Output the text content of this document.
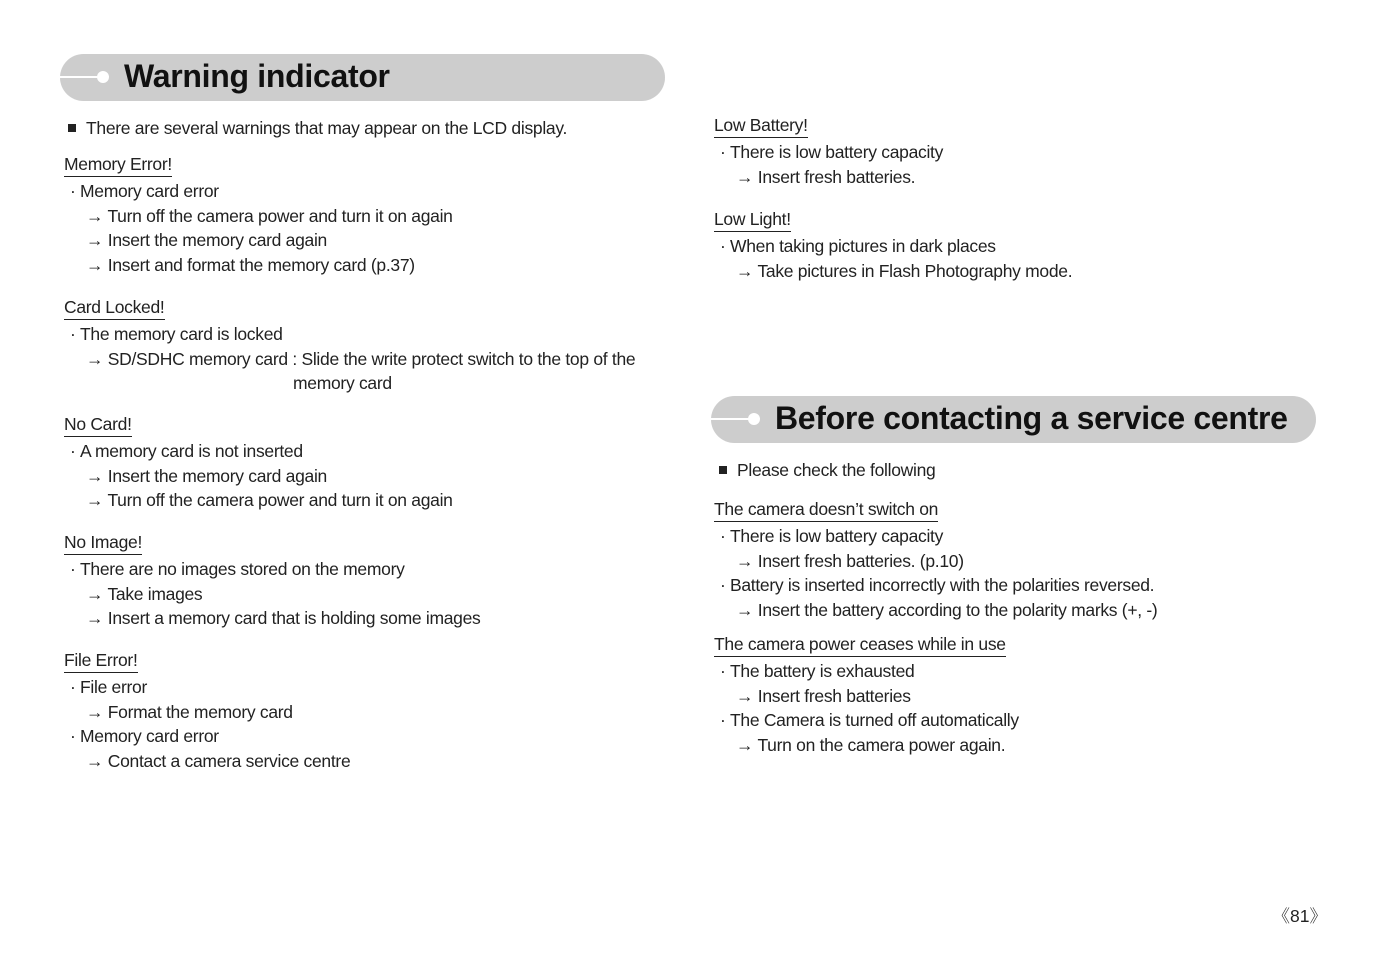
Warning indicator
There are several warnings that may appear on the LCD display.
Memory Error!
· Memory card error
→ Turn off the camera power and turn it on again
→ Insert the memory card again
→ Insert and format the memory card (p.37)
Card Locked!
· The memory card is locked
→ SD/SDHC memory card : Slide the write protect switch to the top of the
memory card
No Card!
· A memory card is not inserted
→ Insert the memory card again
→ Turn off the camera power and turn it on again
No Image!
· There are no images stored on the memory
→ Take images
→ Insert a memory card that is holding some images
File Error!
· File error
→ Format the memory card
· Memory card error
→ Contact a camera service centre
Low Battery!
· There is low battery capacity
→ Insert fresh batteries.
Low Light!
· When taking pictures in dark places
→ Take pictures in Flash Photography mode.
Before contacting a service centre
Please check the following
The camera doesn’t switch on
· There is low battery capacity
→ Insert fresh batteries. (p.10)
· Battery is inserted incorrectly with the polarities reversed.
→ Insert the battery according to the polarity marks (+, -)
The camera power ceases while in use
· The battery is exhausted
→ Insert fresh batteries
· The Camera is turned off automatically
→ Turn on the camera power again.
《81》
